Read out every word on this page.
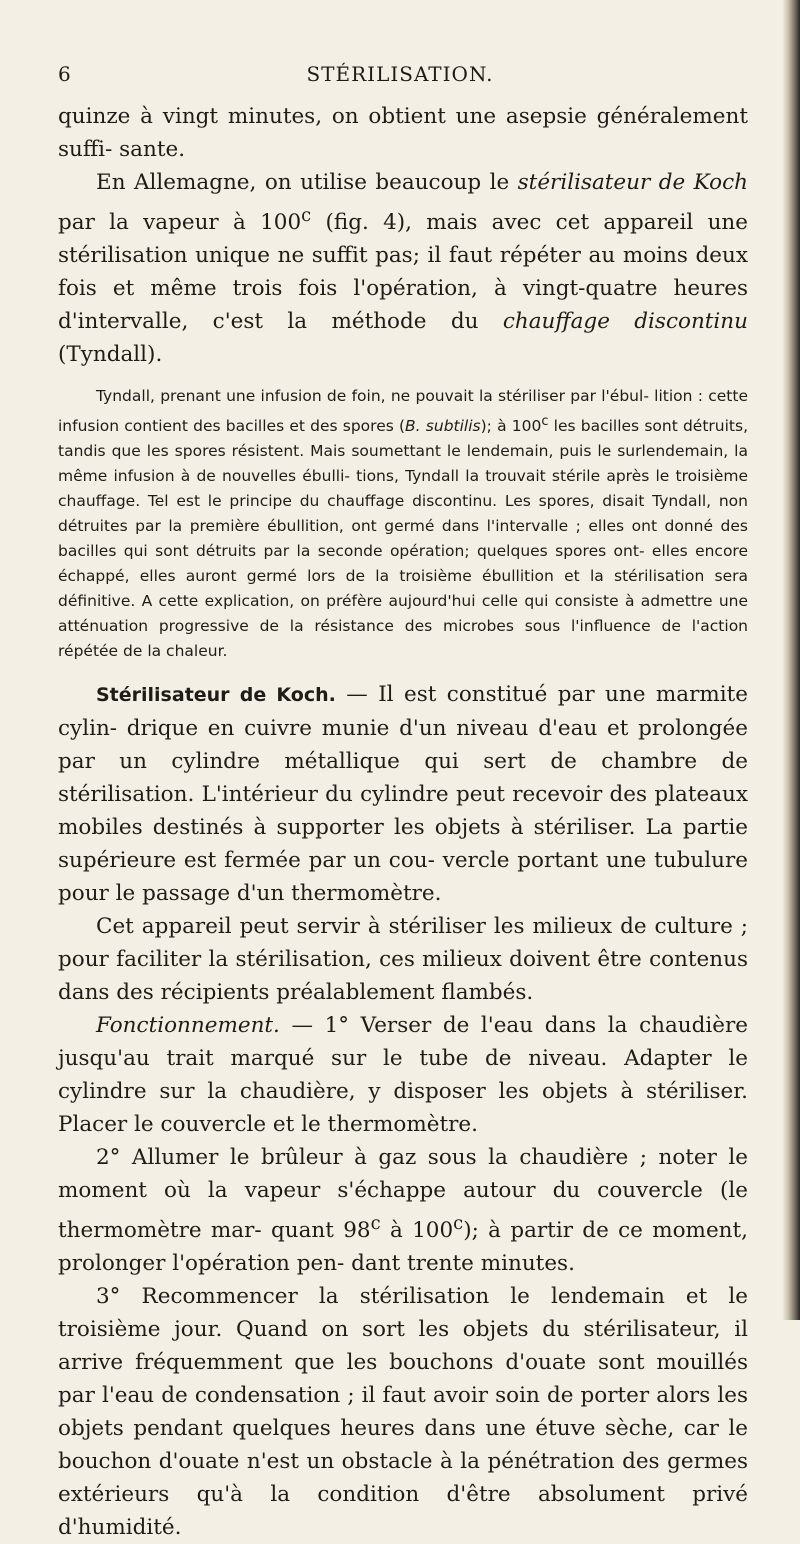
STÉRILISATION.
6

quinze à vingt minutes, on obtient une asepsie généralement suffi- sante.

En Allemagne, on utilise beaucoup le stérilisateur de Koch par la vapeur à 100$^c$ (fig. 4), mais avec cet appareil une stérilisation unique ne suffit pas; il faut répéter au moins deux fois et même trois fois l'opération, à vingt-quatre heures d'intervalle, c'est la méthode du chauffage discontinu (Tyndall).

Tyndall, prenant une infusion de foin, ne pouvait la stériliser par l'ébul- lition : cette infusion contient des bacilles et des spores (B. subtilis); à 100$^c$ les bacilles sont détruits, tandis que les spores résistent. Mais soumettant le lendemain, puis le surlendemain, la même infusion à de nouvelles ébulli- tions, Tyndall la trouvait stérile après le troisième chauffage. Tel est le principe du chauffage discontinu. Les spores, disait Tyndall, non détruites par la première ébullition, ont germé dans l'intervalle ; elles ont donné des bacilles qui sont détruits par la seconde opération; quelques spores ont- elles encore échappé, elles auront germé lors de la troisième ébullition et la stérilisation sera définitive. A cette explication, on préfère aujourd'hui celle qui consiste à admettre une atténuation progressive de la résistance des microbes sous l'influence de l'action répétée de la chaleur.

Stérilisateur de Koch. — Il est constitué par une marmite cylin- drique en cuivre munie d'un niveau d'eau et prolongée par un cylindre métallique qui sert de chambre de stérilisation. L'intérieur du cylindre peut recevoir des plateaux mobiles destinés à supporter les objets à stériliser. La partie supérieure est fermée par un cou- vercle portant une tubulure pour le passage d'un thermomètre.

Cet appareil peut servir à stériliser les milieux de culture ; pour faciliter la stérilisation, ces milieux doivent être contenus dans des récipients préalablement flambés.

Fonctionnement. — 1° Verser de l'eau dans la chaudière jusqu'au trait marqué sur le tube de niveau. Adapter le cylindre sur la chaudière, y disposer les objets à stériliser. Placer le couvercle et le thermomètre.

2° Allumer le brûleur à gaz sous la chaudière ; noter le moment où la vapeur s'échappe autour du couvercle (le thermomètre mar- quant 98$^c$ à 100$^c$); à partir de ce moment, prolonger l'opération pen- dant trente minutes.

3° Recommencer la stérilisation le lendemain et le troisième jour. Quand on sort les objets du stérilisateur, il arrive fréquemment que les bouchons d'ouate sont mouillés par l'eau de condensation ; il faut avoir soin de porter alors les objets pendant quelques heures dans une étuve sèche, car le bouchon d'ouate n'est un obstacle à la pénétration des germes extérieurs qu'à la condition d'être absolument privé d'humidité.
